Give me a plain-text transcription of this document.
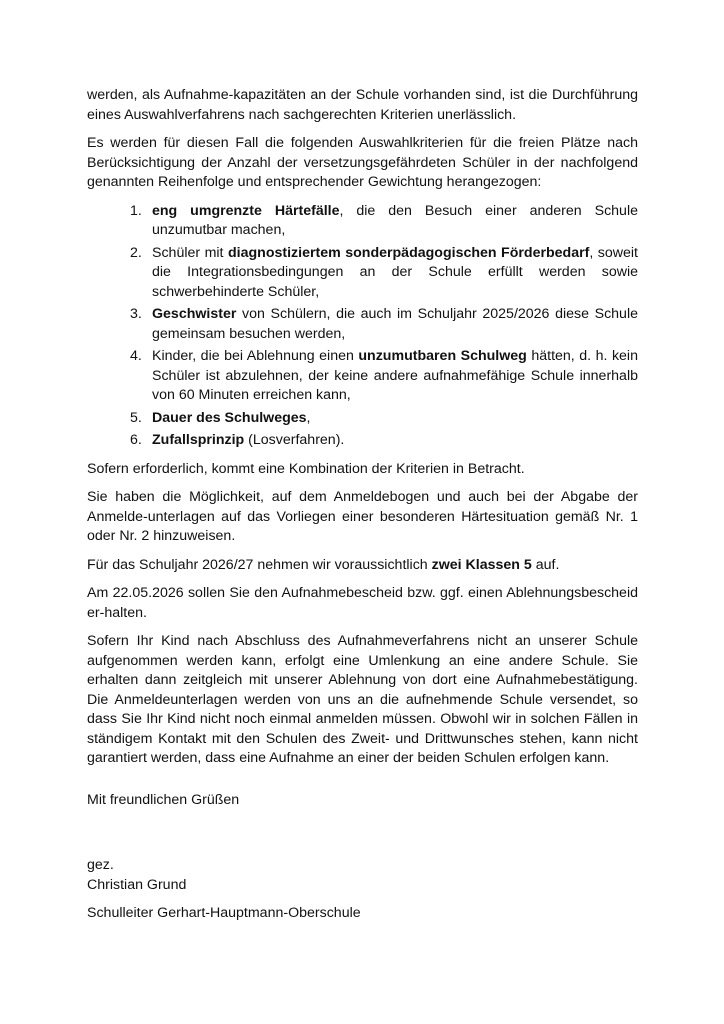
werden, als Aufnahme-kapazitäten an der Schule vorhanden sind, ist die Durchführung eines Auswahlverfahrens nach sachgerechten Kriterien unerlässlich.

Es werden für diesen Fall die folgenden Auswahlkriterien für die freien Plätze nach Berücksichtigung der Anzahl der versetzungsgefährdeten Schüler in der nachfolgend genannten Reihenfolge und entsprechender Gewichtung herangezogen:

1. eng umgrenzte Härtefälle, die den Besuch einer anderen Schule unzumutbar machen,
2. Schüler mit diagnostiziertem sonderpädagogischen Förderbedarf, soweit die Integrationsbedingungen an der Schule erfüllt werden sowie schwerbehinderte Schüler,
3. Geschwister von Schülern, die auch im Schuljahr 2025/2026 diese Schule gemeinsam besuchen werden,
4. Kinder, die bei Ablehnung einen unzumutbaren Schulweg hätten, d. h. kein Schüler ist abzulehnen, der keine andere aufnahmefähige Schule innerhalb von 60 Minuten erreichen kann,
5. Dauer des Schulweges,
6. Zufallsprinzip (Losverfahren).

Sofern erforderlich, kommt eine Kombination der Kriterien in Betracht.

Sie haben die Möglichkeit, auf dem Anmeldebogen und auch bei der Abgabe der Anmelde-unterlagen auf das Vorliegen einer besonderen Härtesituation gemäß Nr. 1 oder Nr. 2 hinzuweisen.

Für das Schuljahr 2026/27 nehmen wir voraussichtlich zwei Klassen 5 auf.

Am 22.05.2026 sollen Sie den Aufnahmebescheid bzw. ggf. einen Ablehnungsbescheid er-halten.

Sofern Ihr Kind nach Abschluss des Aufnahmeverfahrens nicht an unserer Schule aufgenommen werden kann, erfolgt eine Umlenkung an eine andere Schule. Sie erhalten dann zeitgleich mit unserer Ablehnung von dort eine Aufnahmebestätigung. Die Anmeldeunterlagen werden von uns an die aufnehmende Schule versendet, so dass Sie Ihr Kind nicht noch einmal anmelden müssen. Obwohl wir in solchen Fällen in ständigem Kontakt mit den Schulen des Zweit- und Drittwunsches stehen, kann nicht garantiert werden, dass eine Aufnahme an einer der beiden Schulen erfolgen kann.

Mit freundlichen Grüßen

gez.
Christian Grund

Schulleiter Gerhart-Hauptmann-Oberschule
